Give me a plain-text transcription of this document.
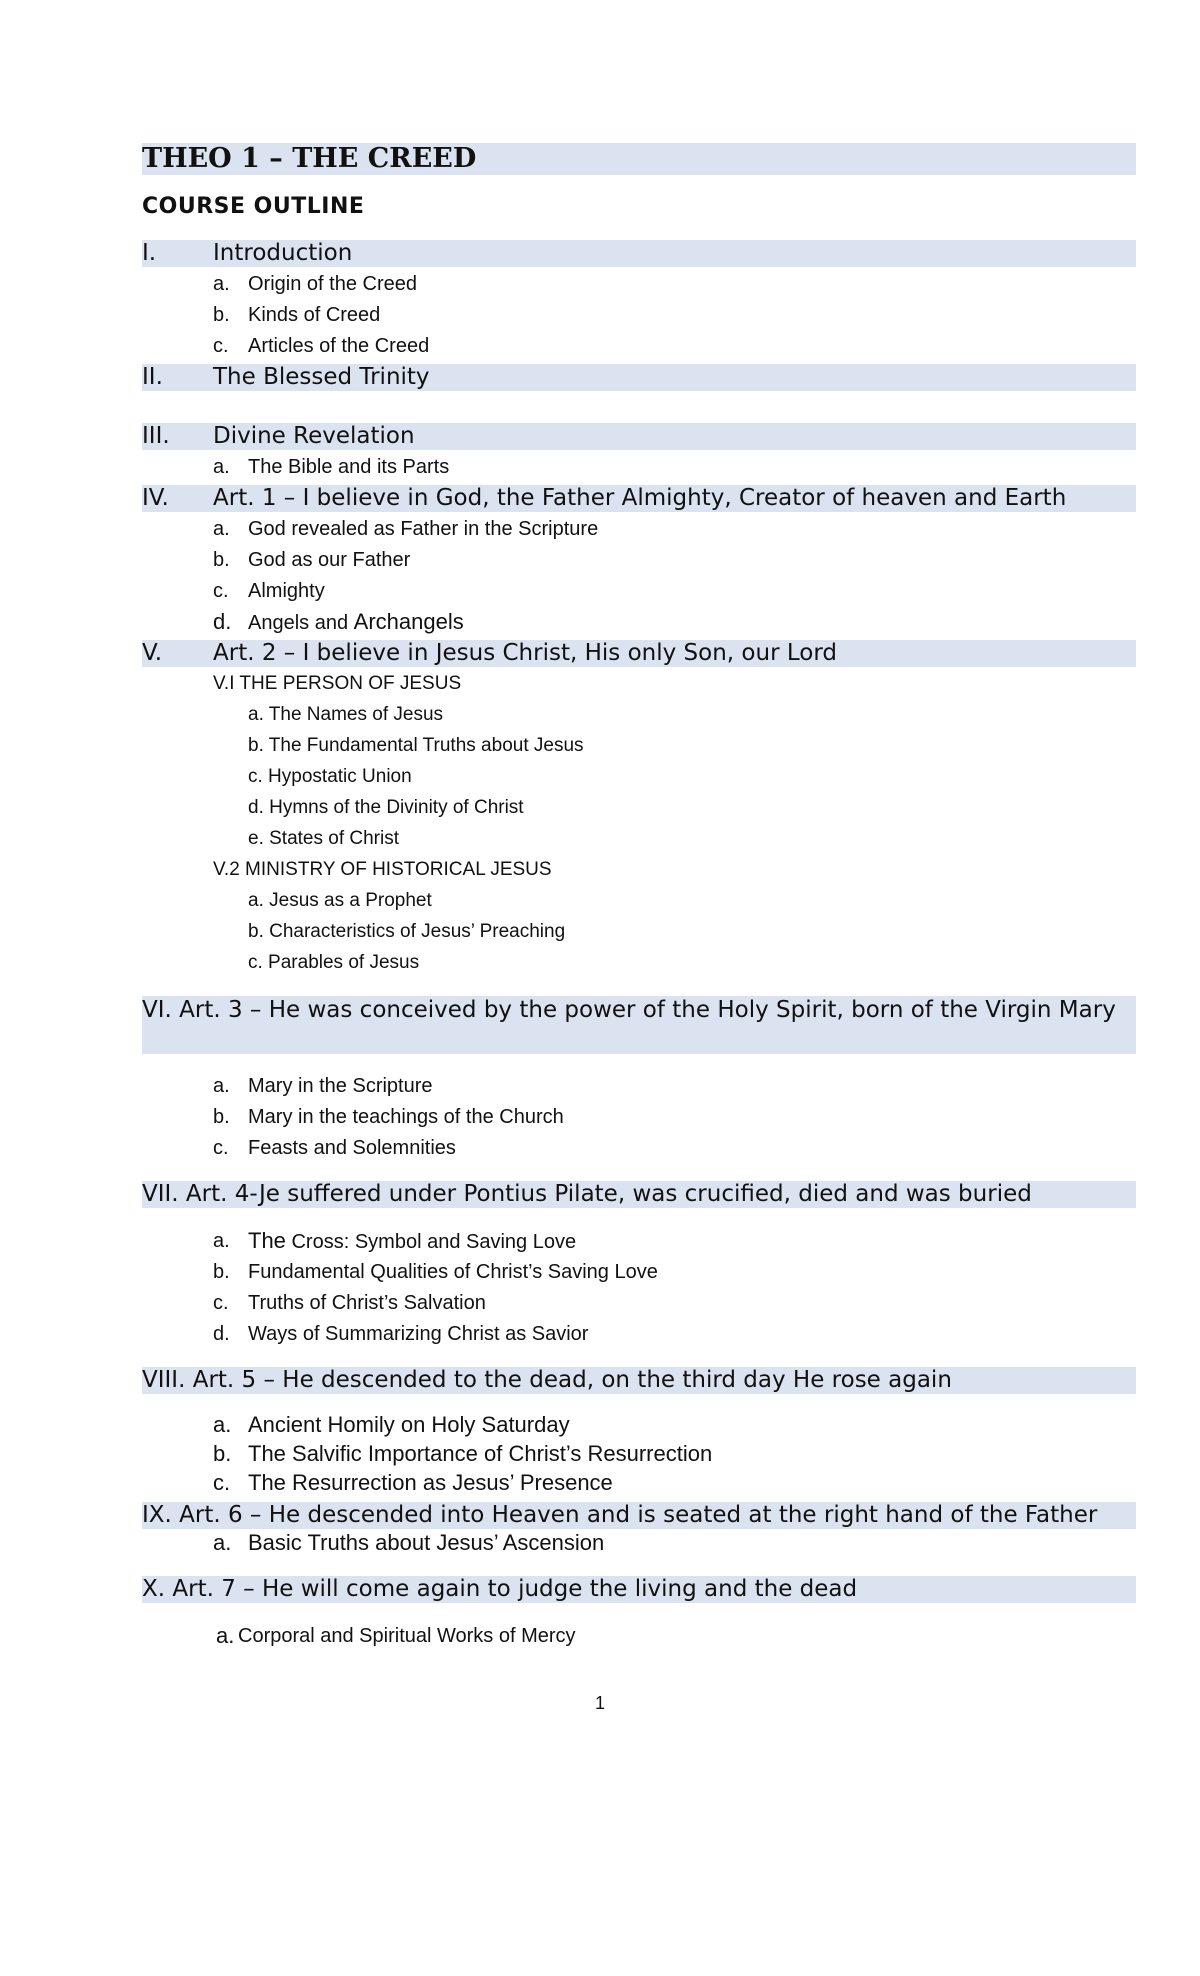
THEO 1 – THE CREED
COURSE OUTLINE
I. Introduction
a. Origin of the Creed
b. Kinds of Creed
c. Articles of the Creed
II. The Blessed Trinity
III. Divine Revelation
a. The Bible and its Parts
IV. Art. 1 – I believe in God, the Father Almighty, Creator of heaven and Earth
a. God revealed as Father in the Scripture
b. God as our Father
c. Almighty
d. Angels and Archangels
V. Art. 2 – I believe in Jesus Christ, His only Son, our Lord
V.I THE PERSON OF JESUS
a. The Names of Jesus
b. The Fundamental Truths about Jesus
c. Hypostatic Union
d. Hymns of the Divinity of Christ
e. States of Christ
V.2 MINISTRY OF HISTORICAL JESUS
a. Jesus as a Prophet
b. Characteristics of Jesus’ Preaching
c. Parables of Jesus
VI. Art. 3 – He was conceived by the power of the Holy Spirit, born of the Virgin Mary
a. Mary in the Scripture
b. Mary in the teachings of the Church
c. Feasts and Solemnities
VII. Art. 4-Je suffered under Pontius Pilate, was crucified, died and was buried
a. The Cross: Symbol and Saving Love
b. Fundamental Qualities of Christ’s Saving Love
c. Truths of Christ’s Salvation
d. Ways of Summarizing Christ as Savior
VIII. Art. 5 – He descended to the dead, on the third day He rose again
a. Ancient Homily on Holy Saturday
b. The Salvific Importance of Christ’s Resurrection
c. The Resurrection as Jesus’ Presence
IX. Art. 6 – He descended into Heaven and is seated at the right hand of the Father
a. Basic Truths about Jesus’ Ascension
X. Art. 7 – He will come again to judge the living and the dead
a. Corporal and Spiritual Works of Mercy
1
